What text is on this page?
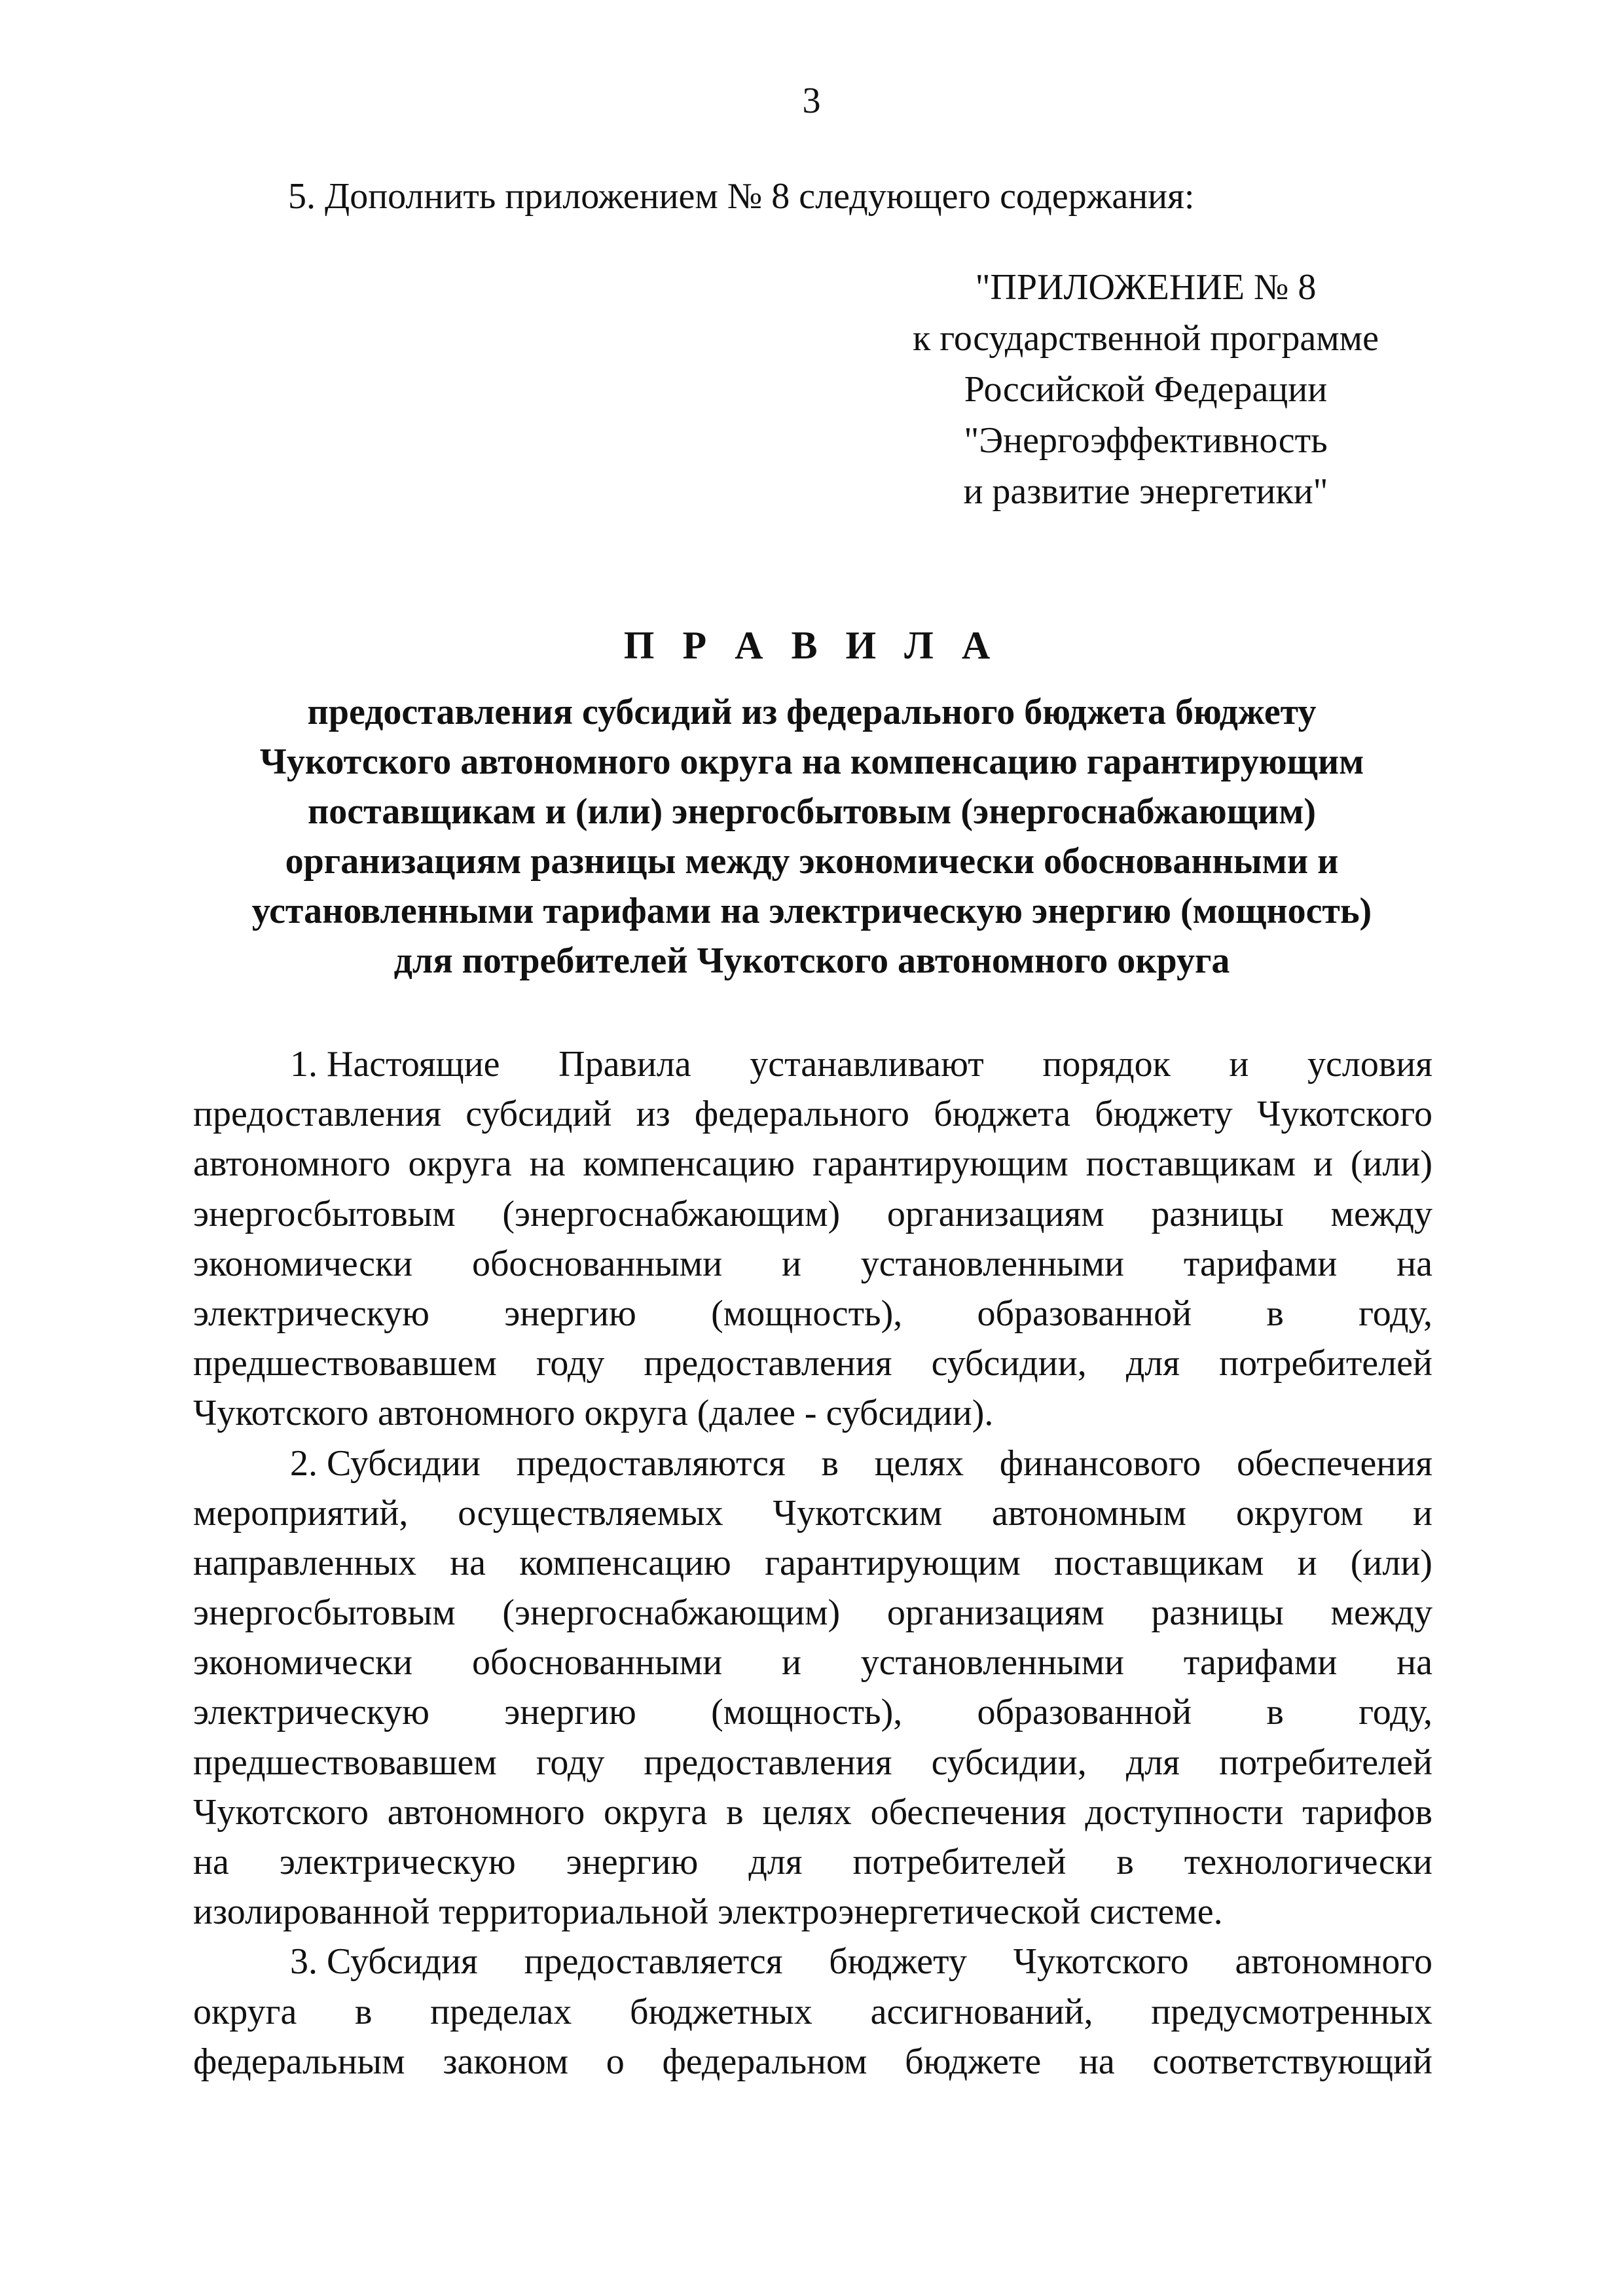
3
5. Дополнить приложением № 8 следующего содержания:
"ПРИЛОЖЕНИЕ № 8
к государственной программе
Российской Федерации
"Энергоэффективность
и развитие энергетики"
П Р А В И Л А
предоставления субсидий из федерального бюджета бюджету
Чукотского автономного округа на компенсацию гарантирующим
поставщикам и (или) энергосбытовым (энергоснабжающим)
организациям разницы между экономически обоснованными и
установленными тарифами на электрическую энергию (мощность)
для потребителей Чукотского автономного округа
1. Настоящие Правила устанавливают порядок и условия
предоставления субсидий из федерального бюджета бюджету Чукотского
автономного округа на компенсацию гарантирующим поставщикам и (или)
энергосбытовым (энергоснабжающим) организациям разницы между
экономически обоснованными и установленными тарифами на
электрическую энергию (мощность), образованной в году,
предшествовавшем году предоставления субсидии, для потребителей
Чукотского автономного округа (далее - субсидии).
2. Субсидии предоставляются в целях финансового обеспечения
мероприятий, осуществляемых Чукотским автономным округом и
направленных на компенсацию гарантирующим поставщикам и (или)
энергосбытовым (энергоснабжающим) организациям разницы между
экономически обоснованными и установленными тарифами на
электрическую энергию (мощность), образованной в году,
предшествовавшем году предоставления субсидии, для потребителей
Чукотского автономного округа в целях обеспечения доступности тарифов
на электрическую энергию для потребителей в технологически
изолированной территориальной электроэнергетической системе.
3. Субсидия предоставляется бюджету Чукотского автономного
округа в пределах бюджетных ассигнований, предусмотренных
федеральным законом о федеральном бюджете на соответствующий
